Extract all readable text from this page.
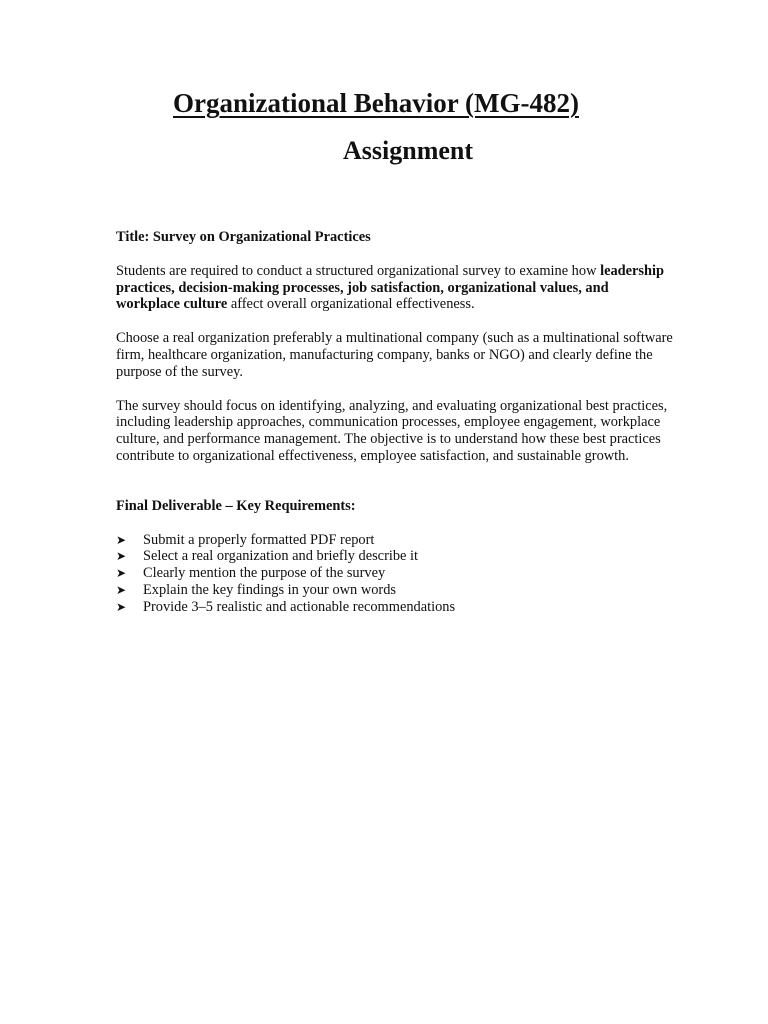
Organizational Behavior (MG-482)
Assignment

Title: Survey on Organizational Practices

Students are required to conduct a structured organizational survey to examine how leadership practices, decision-making processes, job satisfaction, organizational values, and workplace culture affect overall organizational effectiveness.

Choose a real organization preferably a multinational company (such as a multinational software firm, healthcare organization, manufacturing company, banks or NGO) and clearly define the purpose of the survey.

The survey should focus on identifying, analyzing, and evaluating organizational best practices, including leadership approaches, communication processes, employee engagement, workplace culture, and performance management. The objective is to understand how these best practices contribute to organizational effectiveness, employee satisfaction, and sustainable growth.

Final Deliverable – Key Requirements:

➤	Submit a properly formatted PDF report
➤	Select a real organization and briefly describe it
➤	Clearly mention the purpose of the survey
➤	Explain the key findings in your own words
➤	Provide 3–5 realistic and actionable recommendations
